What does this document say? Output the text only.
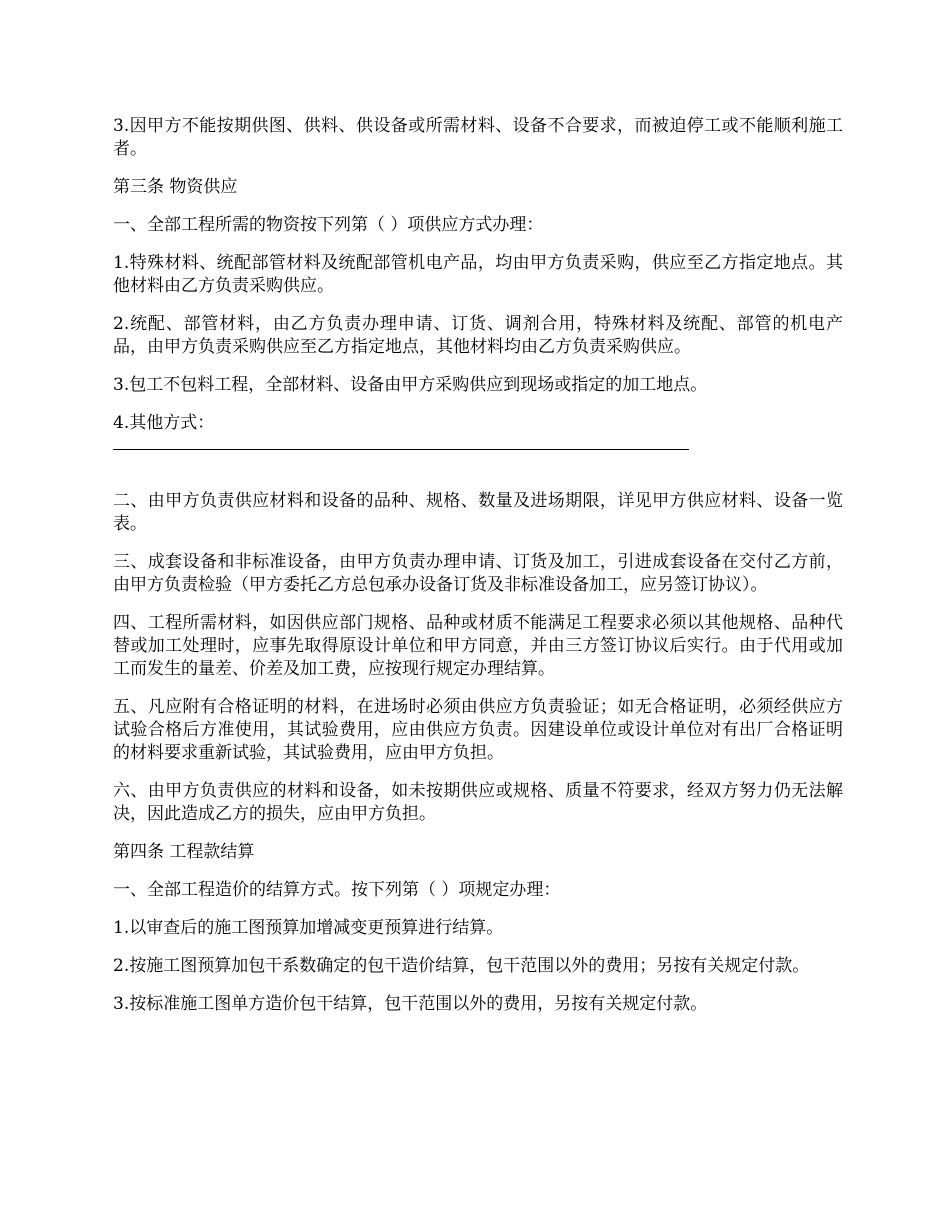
3.因甲方不能按期供图、供料、供设备或所需材料、设备不合要求，而被迫停工或不能顺利施工者。

第三条 物资供应

一、全部工程所需的物资按下列第（ ）项供应方式办理：

1.特殊材料、统配部管材料及统配部管机电产品，均由甲方负责采购，供应至乙方指定地点。其他材料由乙方负责采购供应。

2.统配、部管材料，由乙方负责办理申请、订货、调剂合用，特殊材料及统配、部管的机电产品，由甲方负责采购供应至乙方指定地点，其他材料均由乙方负责采购供应。

3.包工不包料工程，全部材料、设备由甲方采购供应到现场或指定的加工地点。

4.其他方式：

二、由甲方负责供应材料和设备的品种、规格、数量及进场期限，详见甲方供应材料、设备一览表。

三、成套设备和非标准设备，由甲方负责办理申请、订货及加工，引进成套设备在交付乙方前，由甲方负责检验（甲方委托乙方总包承办设备订货及非标准设备加工，应另签订协议）。

四、工程所需材料，如因供应部门规格、品种或材质不能满足工程要求必须以其他规格、品种代替或加工处理时，应事先取得原设计单位和甲方同意，并由三方签订协议后实行。由于代用或加工而发生的量差、价差及加工费，应按现行规定办理结算。

五、凡应附有合格证明的材料，在进场时必须由供应方负责验证；如无合格证明，必须经供应方试验合格后方准使用，其试验费用，应由供应方负责。因建设单位或设计单位对有出厂合格证明的材料要求重新试验，其试验费用，应由甲方负担。

六、由甲方负责供应的材料和设备，如未按期供应或规格、质量不符要求，经双方努力仍无法解决，因此造成乙方的损失，应由甲方负担。

第四条 工程款结算

一、全部工程造价的结算方式。按下列第（ ）项规定办理：

1.以审查后的施工图预算加增减变更预算进行结算。

2.按施工图预算加包干系数确定的包干造价结算，包干范围以外的费用；另按有关规定付款。

3.按标准施工图单方造价包干结算，包干范围以外的费用，另按有关规定付款。
